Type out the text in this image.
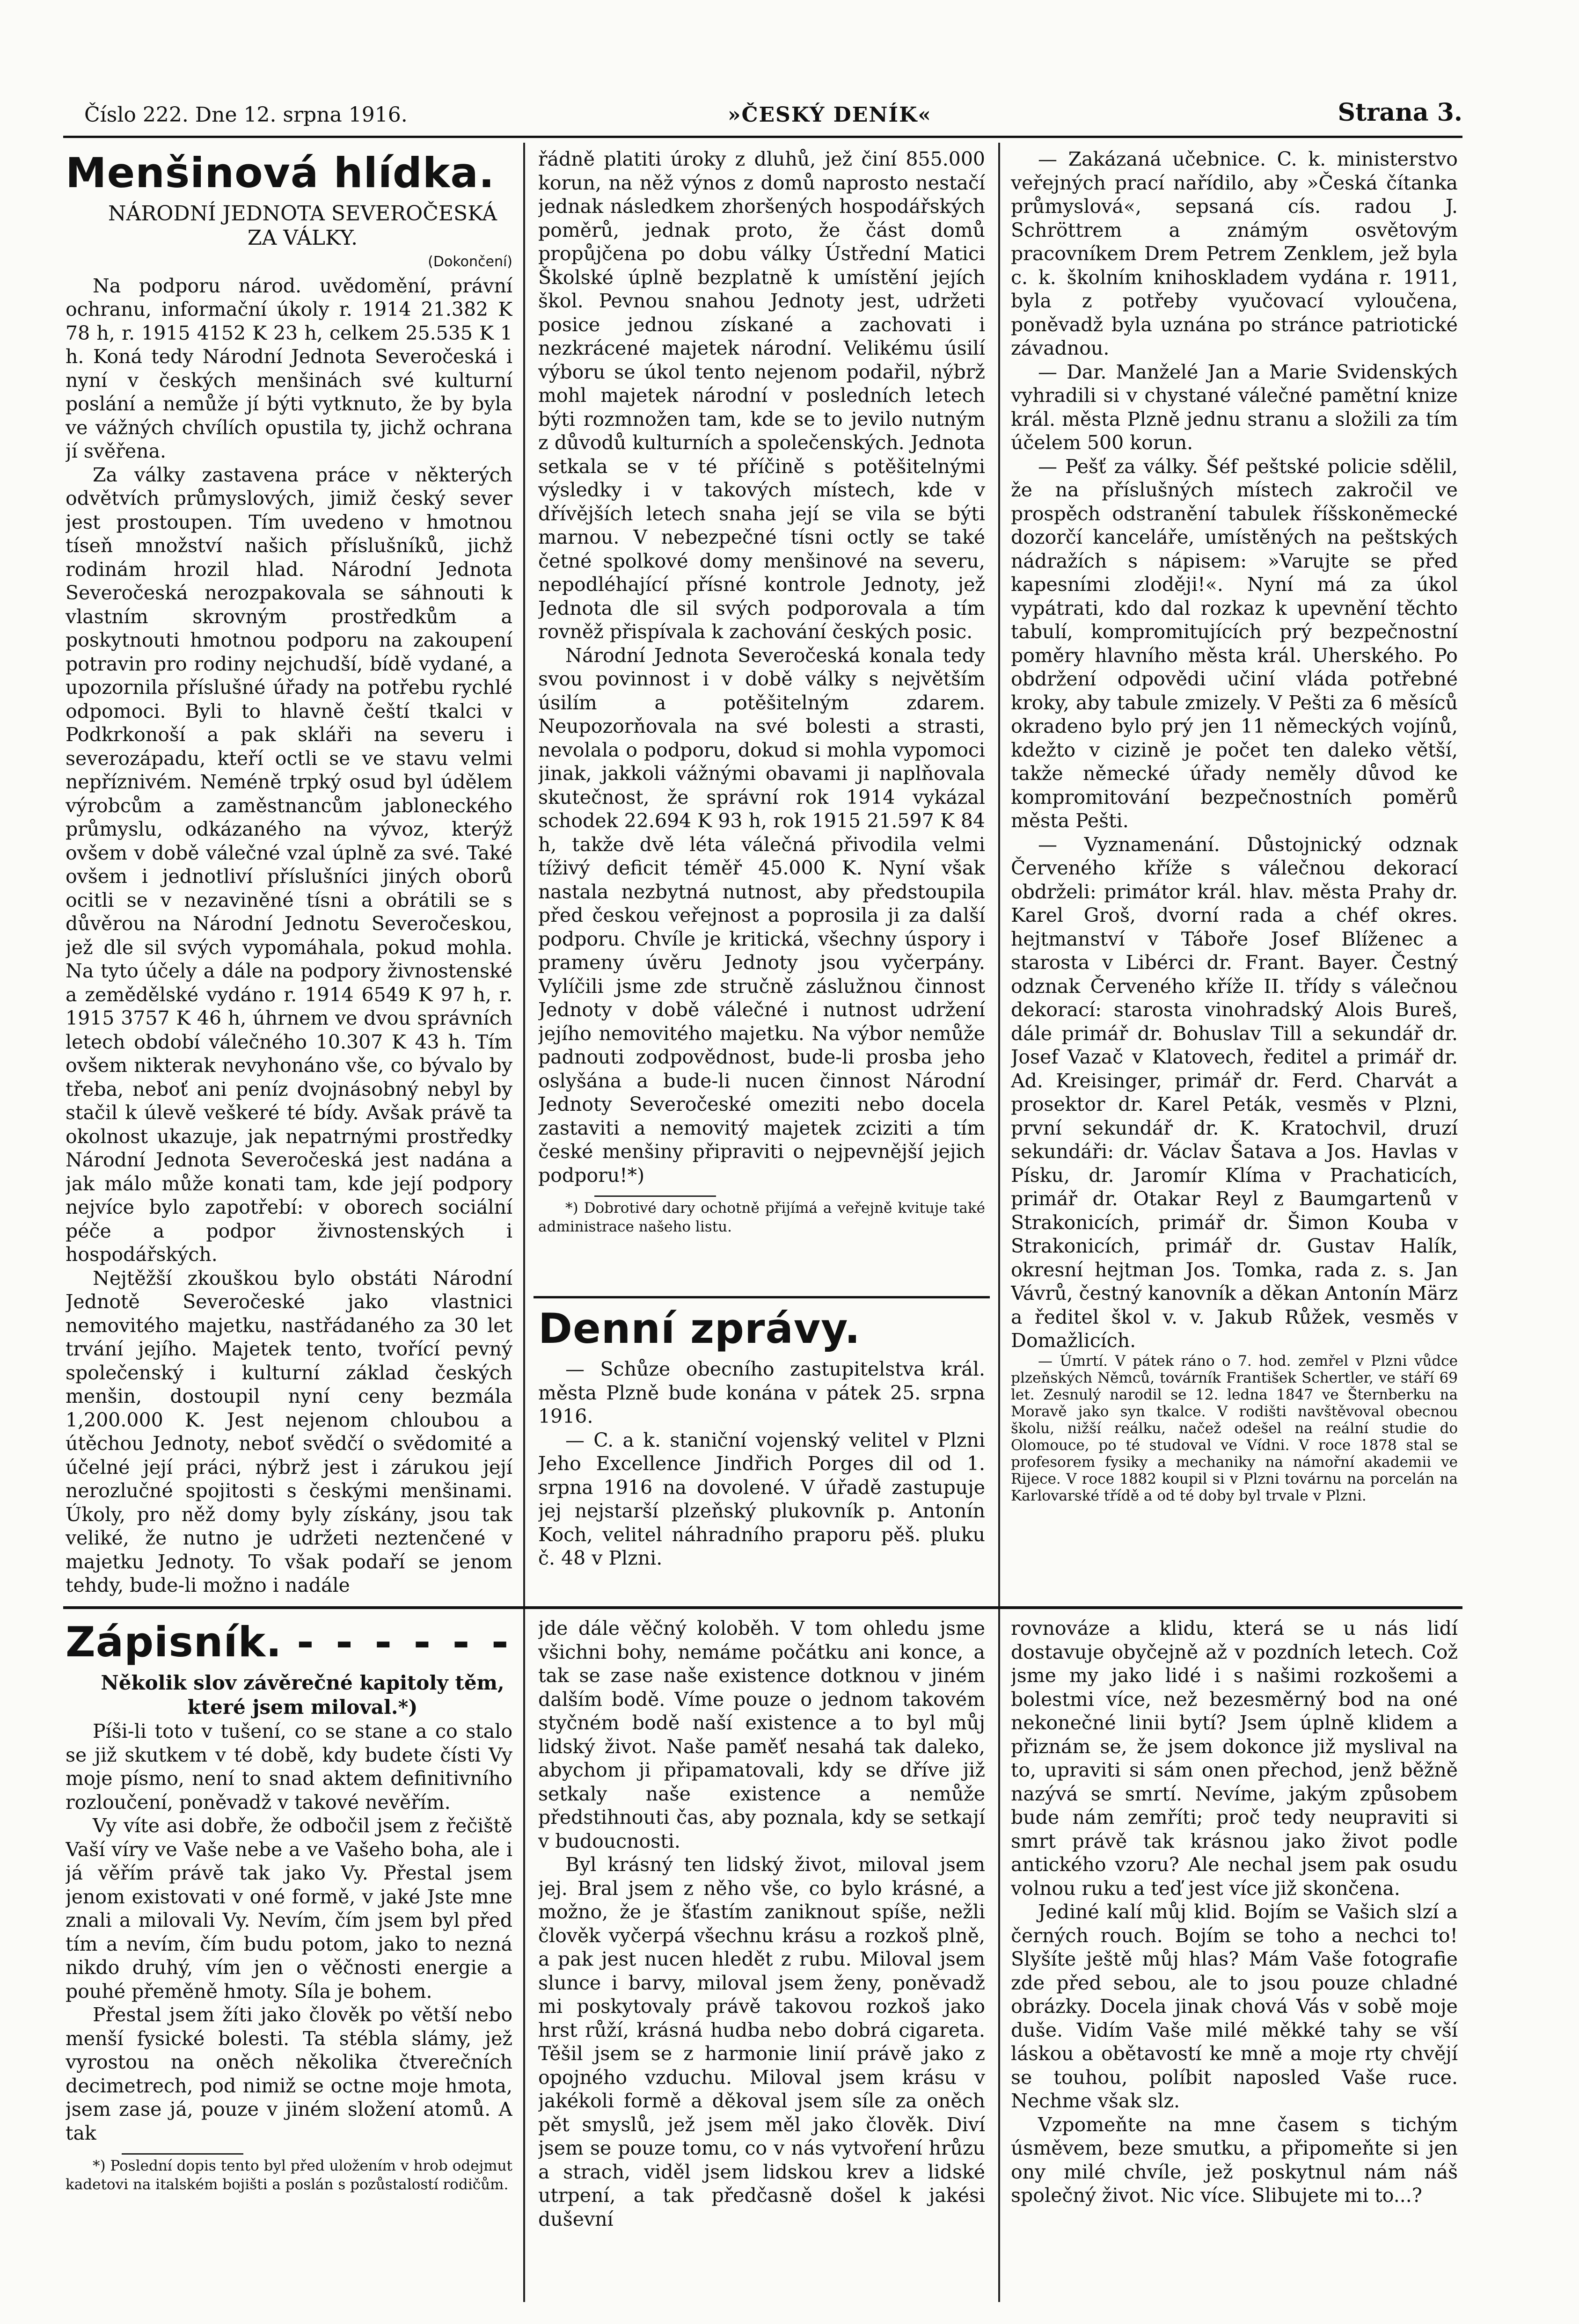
Číslo 222. Dne 12. srpna 1916.	»ČESKÝ DENÍK«	Strana 3.
Menšinová hlídka.

NÁRODNÍ JEDNOTA SEVEROČESKÁ

ZA VÁLKY.

(Dokončení)

Na podporu národ. uvědomění, právní ochranu, informační úkoly r. 1914 21.382 K 78 h, r. 1915 4152 K 23 h, celkem 25.535 K 1 h. Koná tedy Národní Jednota Severočeská i nyní v českých menšinách své kulturní poslání a nemůže jí býti vytknuto, že by byla ve vážných chvílích opustila ty, jichž ochrana jí svěřena.

Za války zastavena práce v některých odvětvích průmyslových, jimiž český sever jest prostoupen. Tím uvedeno v hmotnou tíseň množství našich příslušníků, jichž rodinám hrozil hlad. Národní Jednota Severočeská nerozpakovala se sáhnouti k vlastním skrovným prostředkům a poskytnouti hmotnou podporu na zakoupení potravin pro rodiny nejchudší, bídě vydané, a upozornila příslušné úřady na potřebu rychlé odpomoci. Byli to hlavně čeští tkalci v Podkrkonoší a pak skláři na severu i severozápadu, kteří octli se ve stavu velmi nepříznivém. Neméně trpký osud byl údělem výrobcům a zaměstnancům jabloneckého průmyslu, odkázaného na vývoz, kterýž ovšem v době válečné vzal úplně za své. Také ovšem i jednotliví příslušníci jiných oborů ocitli se v nezaviněné tísni a obrátili se s důvěrou na Národní Jednotu Severočeskou, jež dle sil svých vypomáhala, pokud mohla. Na tyto účely a dále na podpory živnostenské a zemědělské vydáno r. 1914 6549 K 97 h, r. 1915 3757 K 46 h, úhrnem ve dvou správních letech období válečného 10.307 K 43 h. Tím ovšem nikterak nevyhonáno vše, co bývalo by třeba, neboť ani peníz dvojnásobný nebyl by stačil k úlevě veškeré té bídy. Avšak právě ta okolnost ukazuje, jak nepatrnými prostředky Národní Jednota Severočeská jest nadána a jak málo může konati tam, kde její podpory nejvíce bylo zapotřebí: v oborech sociální péče a podpor živnostenských i hospodářských.

Nejtěžší zkouškou bylo obstáti Národní Jednotě Severočeské jako vlastnici nemovitého majetku, nastřádaného za 30 let trvání jejího. Majetek tento, tvořící pevný společenský i kulturní základ českých menšin, dostoupil nyní ceny bezmála 1,200.000 K. Jest nejenom chloubou a útěchou Jednoty, neboť svědčí o svědomité a účelné její práci, nýbrž jest i zárukou její nerozlučné spojitosti s českými menšinami. Úkoly, pro něž domy byly získány, jsou tak veliké, že nutno je udržeti neztenčené v majetku Jednoty. To však podaří se jenom tehdy, bude-li možno i nadále

řádně platiti úroky z dluhů, jež činí 855.000 korun, na něž výnos z domů naprosto nestačí jednak následkem zhoršených hospodářských poměrů, jednak proto, že část domů propůjčena po dobu války Ústřední Matici Školské úplně bezplatně k umístění jejích škol. Pevnou snahou Jednoty jest, udržeti posice jednou získané a zachovati i nezkrácené majetek národní. Velikému úsilí výboru se úkol tento nejenom podařil, nýbrž mohl majetek národní v posledních letech býti rozmnožen tam, kde se to jevilo nutným z důvodů kulturních a společenských. Jednota setkala se v té příčině s potěšitelnými výsledky i v takových místech, kde v dřívějších letech snaha její se vila se býti marnou. V nebezpečné tísni octly se také četné spolkové domy menšinové na severu, nepodléhající přísné kontrole Jednoty, jež Jednota dle sil svých podporovala a tím rovněž přispívala k zachování českých posic.

Národní Jednota Severočeská konala tedy svou povinnost i v době války s největším úsilím a potěšitelným zdarem. Neupozorňovala na své bolesti a strasti, nevolala o podporu, dokud si mohla vypomoci jinak, jakkoli vážnými obavami ji naplňovala skutečnost, že správní rok 1914 vykázal schodek 22.694 K 93 h, rok 1915 21.597 K 84 h, takže dvě léta válečná přivodila velmi tíživý deficit téměř 45.000 K. Nyní však nastala nezbytná nutnost, aby předstoupila před českou veřejnost a poprosila ji za další podporu. Chvíle je kritická, všechny úspory i prameny úvěru Jednoty jsou vyčerpány. Vylíčili jsme zde stručně záslužnou činnost Jednoty v době válečné i nutnost udržení jejího nemovitého majetku. Na výbor nemůže padnouti zodpovědnost, bude-li prosba jeho oslyšána a bude-li nucen činnost Národní Jednoty Severočeské omeziti nebo docela zastaviti a nemovitý majetek zciziti a tím české menšiny připraviti o nejpevnější jejich podporu!*)

*) Dobrotivé dary ochotně přijímá a veřejně kvituje také administrace našeho listu.

Denní zprávy.

— Schůze obecního zastupitelstva král. města Plzně bude konána v pátek 25. srpna 1916.

— C. a k. staniční vojenský velitel v Plzni Jeho Excellence Jindřich Porges dil od 1. srpna 1916 na dovolené. V úřadě zastupuje jej nejstarší plzeňský plukovník p. Antonín Koch, velitel náhradního praporu pěš. pluku č. 48 v Plzni.

— Zakázaná učebnice. C. k. ministerstvo veřejných prací nařídilo, aby »Česká čítanka průmyslová«, sepsaná cís. radou J. Schröttrem a známým osvětovým pracovníkem Drem Petrem Zenklem, jež byla c. k. školním knihoskladem vydána r. 1911, byla z potřeby vyučovací vyloučena, poněvadž byla uznána po stránce patriotické závadnou.

— Dar. Manželé Jan a Marie Svidenských vyhradili si v chystané válečné pamětní knize král. města Plzně jednu stranu a složili za tím účelem 500 korun.

— Pešť za války. Šéf peštské policie sdělil, že na příslušných místech zakročil ve prospěch odstranění tabulek říšskoněmecké dozorčí kanceláře, umístěných na peštských nádražích s nápisem: »Varujte se před kapesními zloději!«. Nyní má za úkol vypátrati, kdo dal rozkaz k upevnění těchto tabulí, kompromitujících prý bezpečnostní poměry hlavního města král. Uherského. Po obdržení odpovědi učiní vláda potřebné kroky, aby tabule zmizely. V Pešti za 6 měsíců okradeno bylo prý jen 11 německých vojínů, kdežto v cizině je počet ten daleko větší, takže německé úřady neměly důvod ke kompromitování bezpečnostních poměrů města Pešti.

— Vyznamenání. Důstojnický odznak Červeného kříže s válečnou dekorací obdrželi: primátor král. hlav. města Prahy dr. Karel Groš, dvorní rada a chéf okres. hejtmanství v Táboře Josef Blíženec a starosta v Libérci dr. Frant. Bayer. Čestný odznak Červeného kříže II. třídy s válečnou dekorací: starosta vinohradský Alois Bureš, dále primář dr. Bohuslav Till a sekundář dr. Josef Vazač v Klatovech, ředitel a primář dr. Ad. Kreisinger, primář dr. Ferd. Charvát a prosektor dr. Karel Peták, vesměs v Plzni, první sekundář dr. K. Kratochvil, druzí sekundáři: dr. Václav Šatava a Jos. Havlas v Písku, dr. Jaromír Klíma v Prachaticích, primář dr. Otakar Reyl z Baumgartenů v Strakonicích, primář dr. Šimon Kouba v Strakonicích, primář dr. Gustav Halík, okresní hejtman Jos. Tomka, rada z. s. Jan Vávrů, čestný kanovník a děkan Antonín März a ředitel škol v. v. Jakub Růžek, vesměs v Domažlicích.

— Úmrtí. V pátek ráno o 7. hod. zemřel v Plzni vůdce plzeňských Němců, továrník František Schertler, ve stáří 69 let. Zesnulý narodil se 12. ledna 1847 ve Šternberku na Moravě jako syn tkalce. V rodišti navštěvoval obecnou školu, nižší reálku, načež odešel na reální studie do Olomouce, po té studoval ve Vídni. V roce 1878 stal se profesorem fysiky a mechaniky na námořní akademii ve Rijece. V roce 1882 koupil si v Plzni továrnu na porcelán na Karlovarské třídě a od té doby byl trvale v Plzni.

Zápisník. - - - - - -

Několik slov závěrečné kapitoly těm,

které jsem miloval.*)

Píši-li toto v tušení, co se stane a co stalo se již skutkem v té době, kdy budete čísti Vy moje písmo, není to snad aktem definitivního rozloučení, poněvadž v takové nevěřím.

Vy víte asi dobře, že odbočil jsem z řečiště Vaší víry ve Vaše nebe a ve Vašeho boha, ale i já věřím právě tak jako Vy. Přestal jsem jenom existovati v oné formě, v jaké Jste mne znali a milovali Vy. Nevím, čím jsem byl před tím a nevím, čím budu potom, jako to nezná nikdo druhý, vím jen o věčnosti energie a pouhé přeměně hmoty. Síla je bohem.

Přestal jsem žíti jako člověk po větší nebo menší fysické bolesti. Ta stébla slámy, jež vyrostou na oněch několika čtverečních decimetrech, pod nimiž se octne moje hmota, jsem zase já, pouze v jiném složení atomů. A tak

*) Poslední dopis tento byl před uložením v hrob odejmut kadetovi na italském bojišti a poslán s pozůstalostí rodičům.

jde dále věčný koloběh. V tom ohledu jsme všichni bohy, nemáme počátku ani konce, a tak se zase naše existence dotknou v jiném dalším bodě. Víme pouze o jednom takovém styčném bodě naší existence a to byl můj lidský život. Naše paměť nesahá tak daleko, abychom ji připamatovali, kdy se dříve již setkaly naše existence a nemůže předstihnouti čas, aby poznala, kdy se setkají v budoucnosti.

Byl krásný ten lidský život, miloval jsem jej. Bral jsem z něho vše, co bylo krásné, a možno, že je šťastím zaniknout spíše, nežli člověk vyčerpá všechnu krásu a rozkoš plně, a pak jest nucen hledět z rubu. Miloval jsem slunce i barvy, miloval jsem ženy, poněvadž mi poskytovaly právě takovou rozkoš jako hrst růží, krásná hudba nebo dobrá cigareta. Těšil jsem se z harmonie linií právě jako z opojného vzduchu. Miloval jsem krásu v jakékoli formě a děkoval jsem síle za oněch pět smyslů, jež jsem měl jako člověk. Diví jsem se pouze tomu, co v nás vytvoření hrůzu a strach, viděl jsem lidskou krev a lidské utrpení, a tak předčasně došel k jakési duševní

rovnováze a klidu, která se u nás lidí dostavuje obyčejně až v pozdních letech. Což jsme my jako lidé i s našimi rozkošemi a bolestmi více, než bezesměrný bod na oné nekonečné linii bytí? Jsem úplně klidem a přiznám se, že jsem dokonce již myslival na to, upraviti si sám onen přechod, jenž běžně nazývá se smrtí. Nevíme, jakým způsobem bude nám zemříti; proč tedy neupraviti si smrt právě tak krásnou jako život podle antického vzoru? Ale nechal jsem pak osudu volnou ruku a teď jest více již skončena.

Jediné kalí můj klid. Bojím se Vašich slzí a černých rouch. Bojím se toho a nechci to! Slyšíte ještě můj hlas? Mám Vaše fotografie zde před sebou, ale to jsou pouze chladné obrázky. Docela jinak chová Vás v sobě moje duše. Vidím Vaše milé měkké tahy se vší láskou a obětavostí ke mně a moje rty chvějí se touhou, políbit naposled Vaše ruce. Nechme však slz.

Vzpomeňte na mne časem s tichým úsměvem, beze smutku, a připomeňte si jen ony milé chvíle, jež poskytnul nám náš společný život. Nic více. Slibujete mi to...?
